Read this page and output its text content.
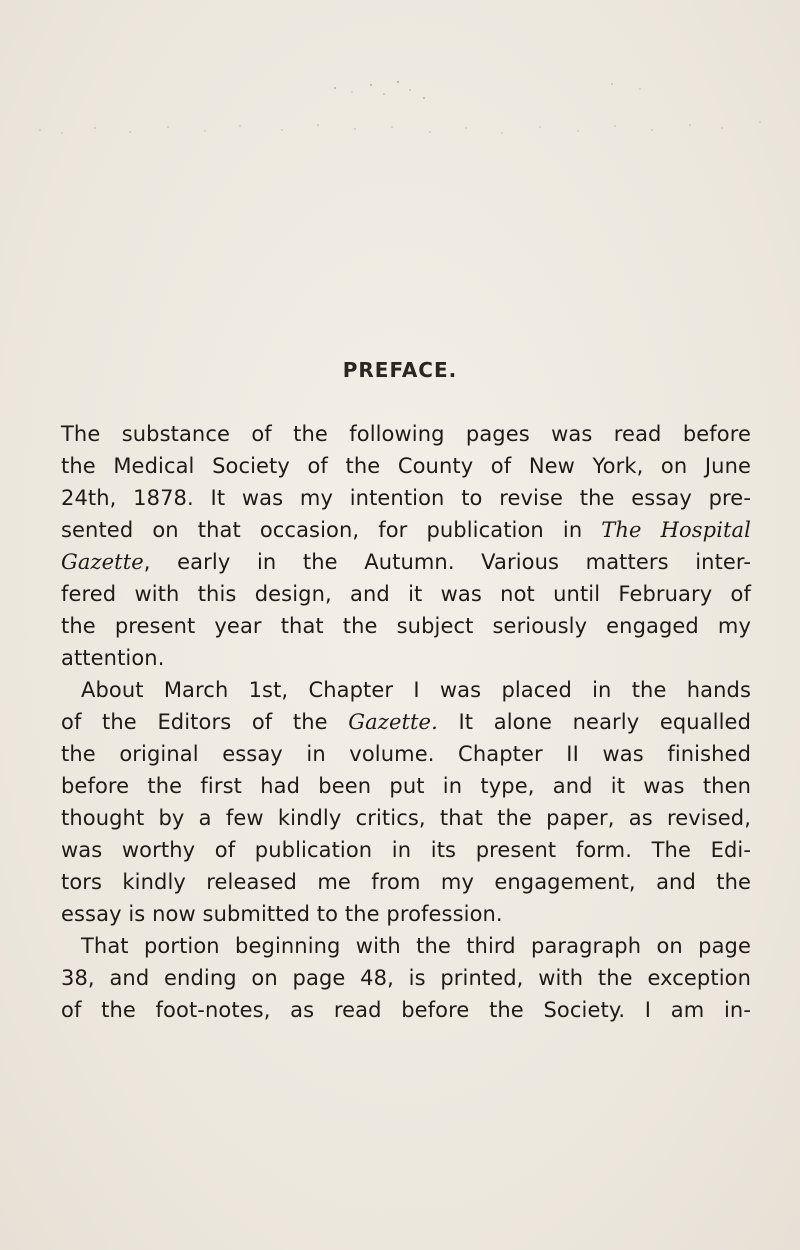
PREFACE.
The substance of the following pages was read before
the Medical Society of the County of New York, on June
24th, 1878. It was my intention to revise the essay pre-
sented on that occasion, for publication in The Hospital
Gazette, early in the Autumn. Various matters inter-
fered with this design, and it was not until February of
the present year that the subject seriously engaged my
attention.
About March 1st, Chapter I was placed in the hands
of the Editors of the Gazette. It alone nearly equalled
the original essay in volume. Chapter II was finished
before the first had been put in type, and it was then
thought by a few kindly critics, that the paper, as revised,
was worthy of publication in its present form. The Edi-
tors kindly released me from my engagement, and the
essay is now submitted to the profession.
That portion beginning with the third paragraph on page
38, and ending on page 48, is printed, with the exception
of the foot-notes, as read before the Society. I am in-
